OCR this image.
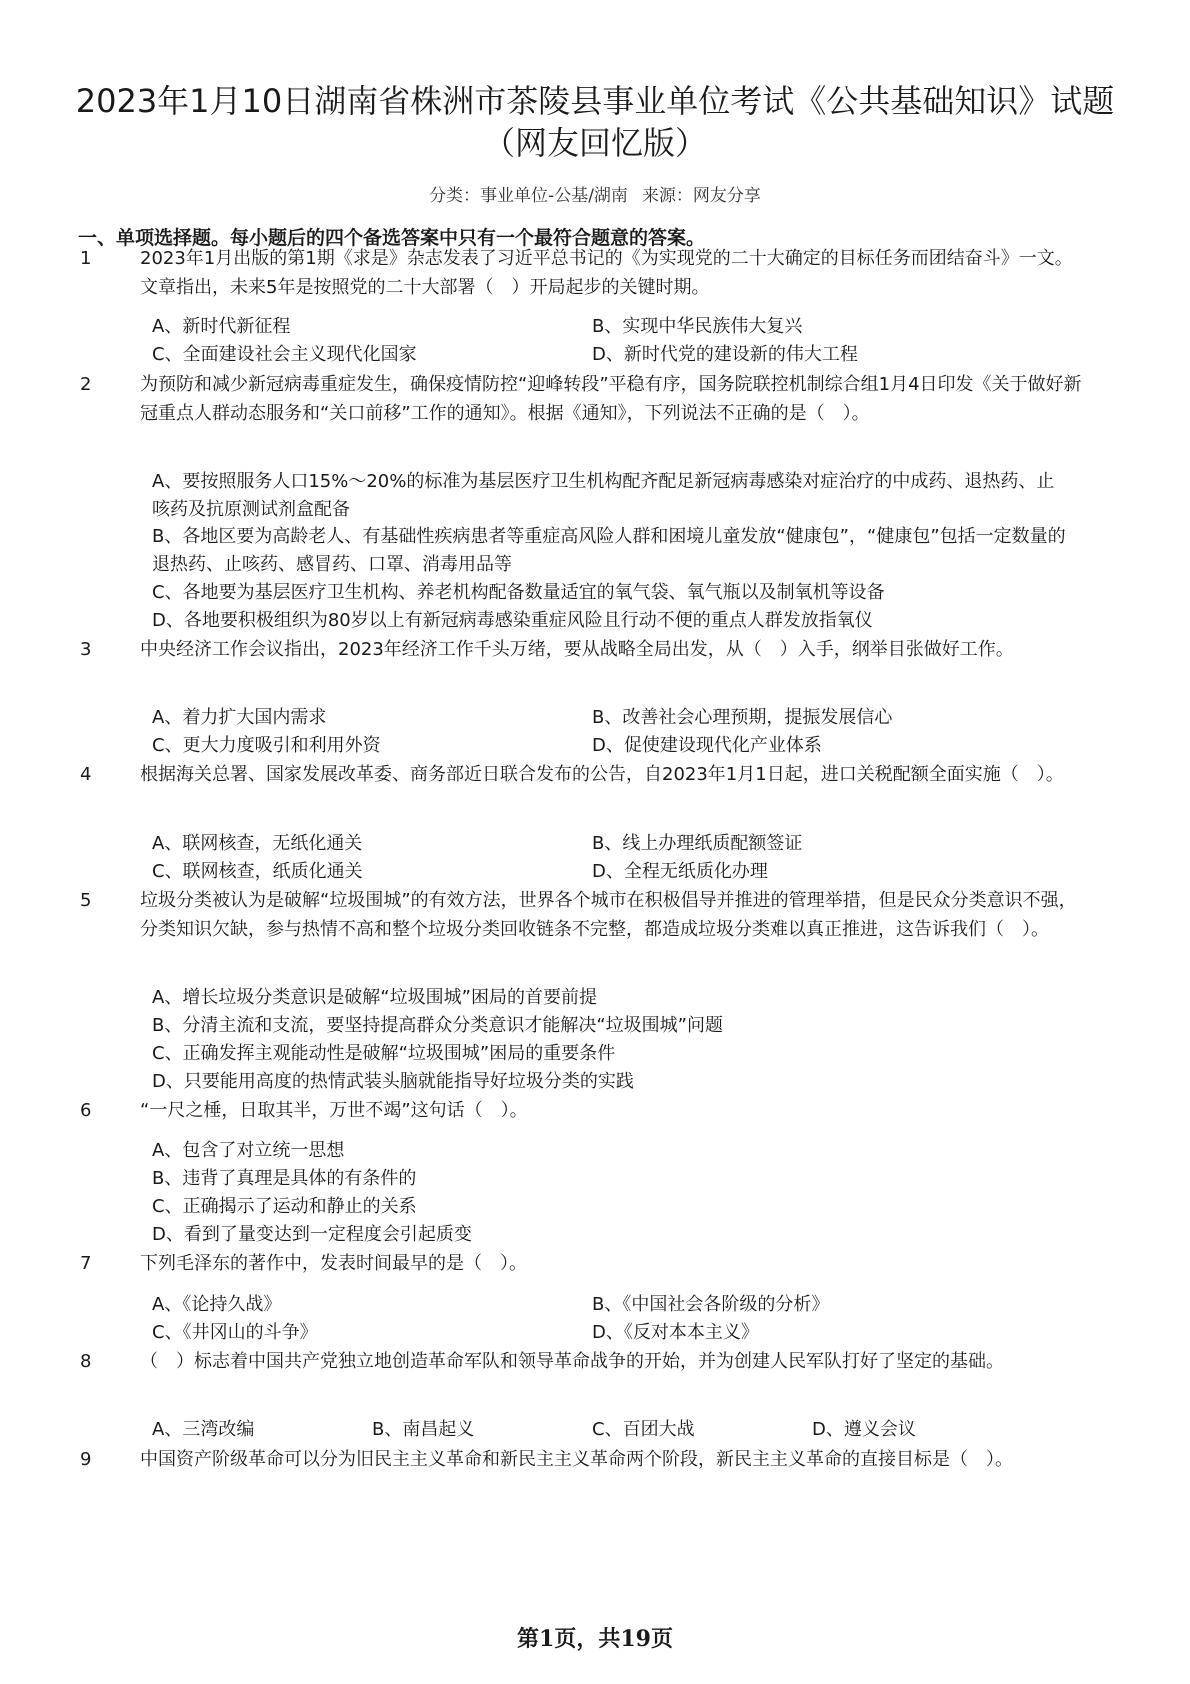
2023年1月10日湖南省株洲市茶陵县事业单位考试《公共基础知识》试题（网友回忆版）
分类：事业单位-公基/湖南 来源：网友分享
一、单项选择题。每小题后的四个备选答案中只有一个最符合题意的答案。
1	2023年1月出版的第1期《求是》杂志发表了习近平总书记的《为实现党的二十大确定的目标任务而团结奋斗》一文。文章指出，未来5年是按照党的二十大部署（　）开局起步的关键时期。
A、新时代新征程	B、实现中华民族伟大复兴
C、全面建设社会主义现代化国家	D、新时代党的建设新的伟大工程
2	为预防和减少新冠病毒重症发生，确保疫情防控“迎峰转段”平稳有序，国务院联控机制综合组1月4日印发《关于做好新冠重点人群动态服务和“关口前移”工作的通知》。根据《通知》，下列说法不正确的是（　）。
A、要按照服务人口15%～20%的标准为基层医疗卫生机构配齐配足新冠病毒感染对症治疗的中成药、退热药、止咳药及抗原测试剂盒配备
B、各地区要为高龄老人、有基础性疾病患者等重症高风险人群和困境儿童发放“健康包”，“健康包”包括一定数量的退热药、止咳药、感冒药、口罩、消毒用品等
C、各地要为基层医疗卫生机构、养老机构配备数量适宜的氧气袋、氧气瓶以及制氧机等设备
D、各地要积极组织为80岁以上有新冠病毒感染重症风险且行动不便的重点人群发放指氧仪
3	中央经济工作会议指出，2023年经济工作千头万绪，要从战略全局出发，从（　）入手，纲举目张做好工作。
A、着力扩大国内需求	B、改善社会心理预期，提振发展信心
C、更大力度吸引和利用外资	D、促使建设现代化产业体系
4	根据海关总署、国家发展改革委、商务部近日联合发布的公告，自2023年1月1日起，进口关税配额全面实施（　）。
A、联网核查，无纸化通关	B、线上办理纸质配额签证
C、联网核查，纸质化通关	D、全程无纸质化办理
5	垃圾分类被认为是破解“垃圾围城”的有效方法，世界各个城市在积极倡导并推进的管理举措，但是民众分类意识不强，分类知识欠缺，参与热情不高和整个垃圾分类回收链条不完整，都造成垃圾分类难以真正推进，这告诉我们（　）。
A、增长垃圾分类意识是破解“垃圾围城”困局的首要前提
B、分清主流和支流，要坚持提高群众分类意识才能解决“垃圾围城”问题
C、正确发挥主观能动性是破解“垃圾围城”困局的重要条件
D、只要能用高度的热情武装头脑就能指导好垃圾分类的实践
6	“一尺之棰，日取其半，万世不竭”这句话（　）。
A、包含了对立统一思想
B、违背了真理是具体的有条件的
C、正确揭示了运动和静止的关系
D、看到了量变达到一定程度会引起质变
7	下列毛泽东的著作中，发表时间最早的是（　）。
A、《论持久战》	B、《中国社会各阶级的分析》
C、《井冈山的斗争》	D、《反对本本主义》
8	（　）标志着中国共产党独立地创造革命军队和领导革命战争的开始，并为创建人民军队打好了坚定的基础。
A、三湾改编	B、南昌起义	C、百团大战	D、遵义会议
9	中国资产阶级革命可以分为旧民主主义革命和新民主主义革命两个阶段，新民主主义革命的直接目标是（　）。
第1页，共19页
